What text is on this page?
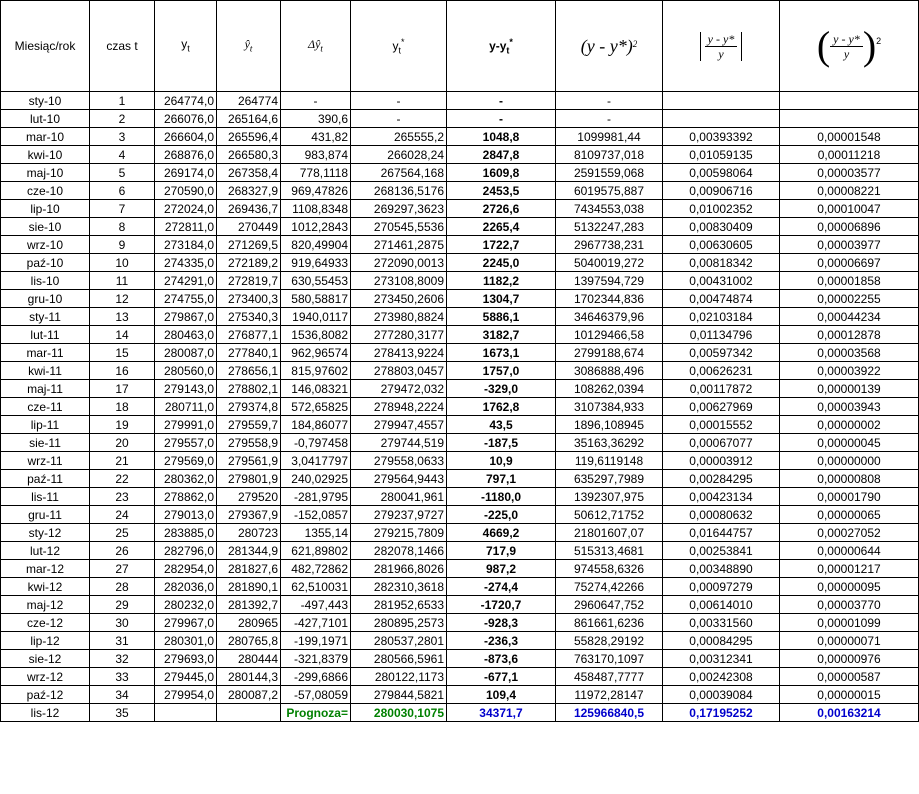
Miesiąc/rok	czas t	$y_t$	$ŷ_t$	$\Delta ŷ_t$	$y_t^*$	$y-y_t^*$	(y - y*)$^2$	$\frac{y - y*}{y}$	( $\frac{y - y*}{y} )^2$
sty-10	1	264774,0	264774	-	-	-	-		
lut-10	2	266076,0	265164,6	390,6	-	-	-		
mar-10	3	266604,0	265596,4	431,82	265555,2	1048,8	1099981,44	0,00393392	0,00001548
kwi-10	4	268876,0	266580,3	983,874	266028,24	2847,8	8109737,018	0,01059135	0,00011218
maj-10	5	269174,0	267358,4	778,1118	267564,168	1609,8	2591559,068	0,00598064	0,00003577
cze-10	6	270590,0	268327,9	969,47826	268136,5176	2453,5	6019575,887	0,00906716	0,00008221
lip-10	7	272024,0	269436,7	1108,8348	269297,3623	2726,6	7434553,038	0,01002352	0,00010047
sie-10	8	272811,0	270449	1012,2843	270545,5536	2265,4	5132247,283	0,00830409	0,00006896
wrz-10	9	273184,0	271269,5	820,49904	271461,2875	1722,7	2967738,231	0,00630605	0,00003977
paź-10	10	274335,0	272189,2	919,64933	272090,0013	2245,0	5040019,272	0,00818342	0,00006697
lis-10	11	274291,0	272819,7	630,55453	273108,8009	1182,2	1397594,729	0,00431002	0,00001858
gru-10	12	274755,0	273400,3	580,58817	273450,2606	1304,7	1702344,836	0,00474874	0,00002255
sty-11	13	279867,0	275340,3	1940,0117	273980,8824	5886,1	34646379,96	0,02103184	0,00044234
lut-11	14	280463,0	276877,1	1536,8082	277280,3177	3182,7	10129466,58	0,01134796	0,00012878
mar-11	15	280087,0	277840,1	962,96574	278413,9224	1673,1	2799188,674	0,00597342	0,00003568
kwi-11	16	280560,0	278656,1	815,97602	278803,0457	1757,0	3086888,496	0,00626231	0,00003922
maj-11	17	279143,0	278802,1	146,08321	279472,032	-329,0	108262,0394	0,00117872	0,00000139
cze-11	18	280711,0	279374,8	572,65825	278948,2224	1762,8	3107384,933	0,00627969	0,00003943
lip-11	19	279991,0	279559,7	184,86077	279947,4557	43,5	1896,108945	0,00015552	0,00000002
sie-11	20	279557,0	279558,9	-0,797458	279744,519	-187,5	35163,36292	0,00067077	0,00000045
wrz-11	21	279569,0	279561,9	3,0417797	279558,0633	10,9	119,6119148	0,00003912	0,00000000
paź-11	22	280362,0	279801,9	240,02925	279564,9443	797,1	635297,7989	0,00284295	0,00000808
lis-11	23	278862,0	279520	-281,9795	280041,961	-1180,0	1392307,975	0,00423134	0,00001790
gru-11	24	279013,0	279367,9	-152,0857	279237,9727	-225,0	50612,71752	0,00080632	0,00000065
sty-12	25	283885,0	280723	1355,14	279215,7809	4669,2	21801607,07	0,01644757	0,00027052
lut-12	26	282796,0	281344,9	621,89802	282078,1466	717,9	515313,4681	0,00253841	0,00000644
mar-12	27	282954,0	281827,6	482,72862	281966,8026	987,2	974558,6326	0,00348890	0,00001217
kwi-12	28	282036,0	281890,1	62,510031	282310,3618	-274,4	75274,42266	0,00097279	0,00000095
maj-12	29	280232,0	281392,7	-497,443	281952,6533	-1720,7	2960647,752	0,00614010	0,00003770
cze-12	30	279967,0	280965	-427,7101	280895,2573	-928,3	861661,6236	0,00331560	0,00001099
lip-12	31	280301,0	280765,8	-199,1971	280537,2801	-236,3	55828,29192	0,00084295	0,00000071
sie-12	32	279693,0	280444	-321,8379	280566,5961	-873,6	763170,1097	0,00312341	0,00000976
wrz-12	33	279445,0	280144,3	-299,6866	280122,1173	-677,1	458487,7777	0,00242308	0,00000587
paź-12	34	279954,0	280087,2	-57,08059	279844,5821	109,4	11972,28147	0,00039084	0,00000015
lis-12	35			Prognoza=	280030,1075	34371,7	125966840,5	0,17195252	0,00163214
